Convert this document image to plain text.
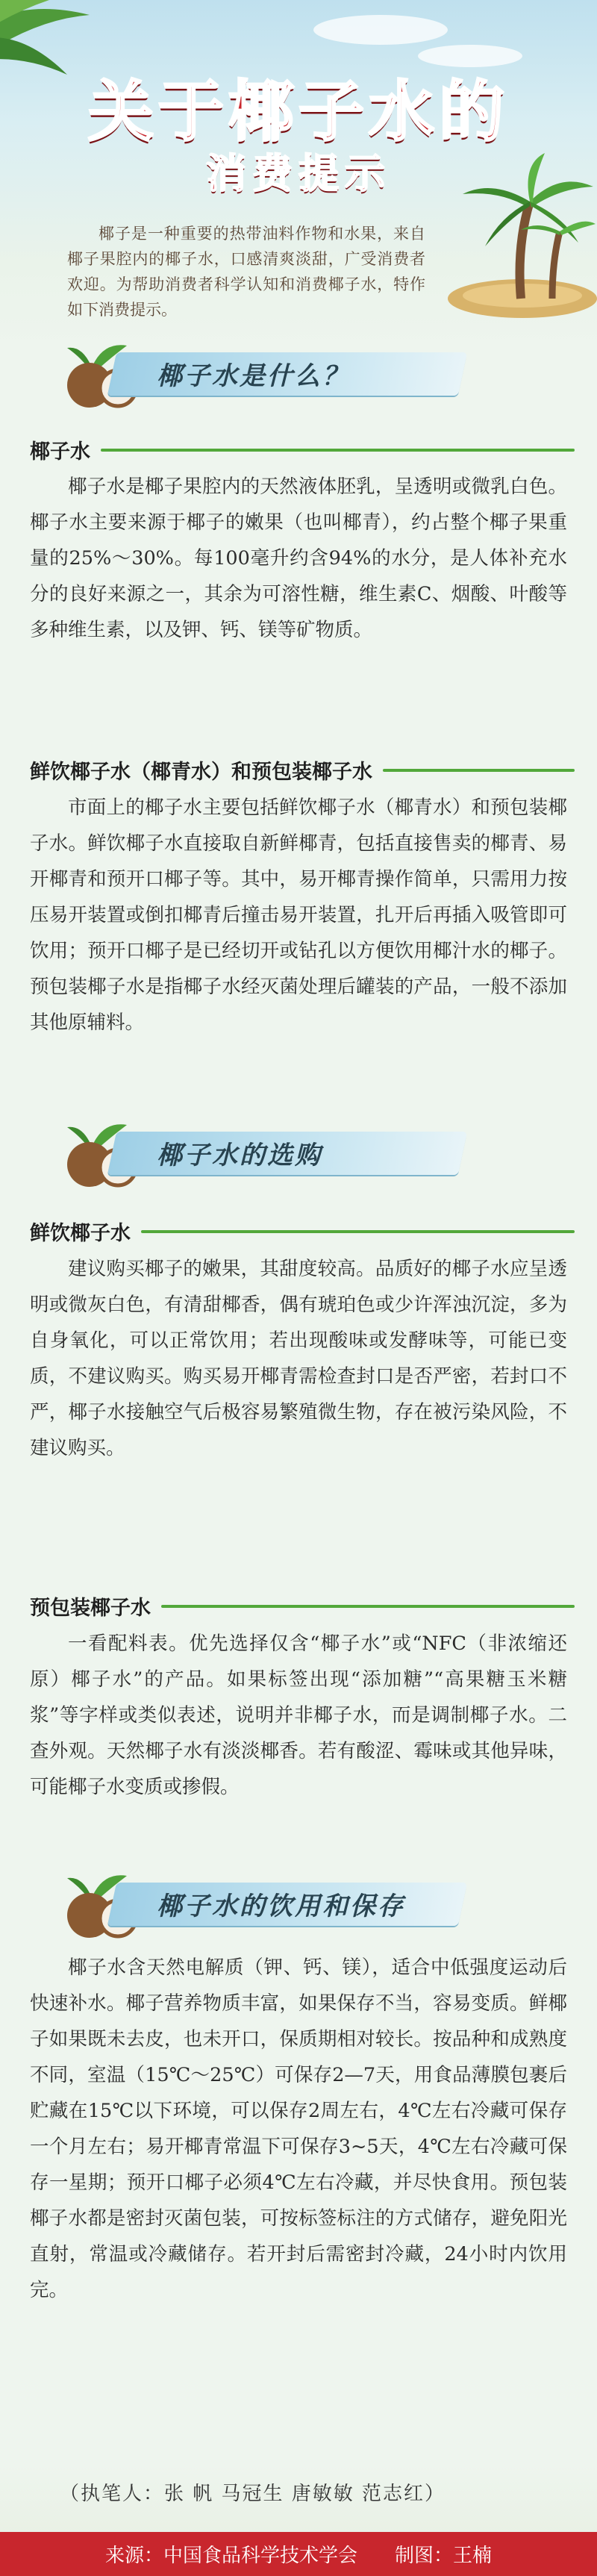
关于椰子水的
消费提示

椰子是一种重要的热带油料作物和水果，来自椰子果腔内的椰子水，口感清爽淡甜，广受消费者欢迎。为帮助消费者科学认知和消费椰子水，特作如下消费提示。

椰子水是什么？
椰子水

椰子水是椰子果腔内的天然液体胚乳，呈透明或微乳白色。椰子水主要来源于椰子的嫩果（也叫椰青），约占整个椰子果重量的25%～30%。每100毫升约含94%的水分，是人体补充水分的良好来源之一，其余为可溶性糖，维生素C、烟酸、叶酸等多种维生素，以及钾、钙、镁等矿物质。

鲜饮椰子水（椰青水）和预包装椰子水

市面上的椰子水主要包括鲜饮椰子水（椰青水）和预包装椰子水。鲜饮椰子水直接取自新鲜椰青，包括直接售卖的椰青、易开椰青和预开口椰子等。其中，易开椰青操作简单，只需用力按压易开装置或倒扣椰青后撞击易开装置，扎开后再插入吸管即可饮用；预开口椰子是已经切开或钻孔以方便饮用椰汁水的椰子。预包装椰子水是指椰子水经灭菌处理后罐装的产品，一般不添加其他原辅料。

椰子水的选购
鲜饮椰子水

建议购买椰子的嫩果，其甜度较高。品质好的椰子水应呈透明或微灰白色，有清甜椰香，偶有琥珀色或少许浑浊沉淀，多为自身氧化，可以正常饮用；若出现酸味或发酵味等，可能已变质，不建议购买。购买易开椰青需检查封口是否严密，若封口不严，椰子水接触空气后极容易繁殖微生物，存在被污染风险，不建议购买。

预包装椰子水

一看配料表。优先选择仅含“椰子水”或“NFC（非浓缩还原）椰子水”的产品。如果标签出现“添加糖”“高果糖玉米糖浆”等字样或类似表述，说明并非椰子水，而是调制椰子水。二查外观。天然椰子水有淡淡椰香。若有酸涩、霉味或其他异味，可能椰子水变质或掺假。

椰子水的饮用和保存

椰子水含天然电解质（钾、钙、镁），适合中低强度运动后快速补水。椰子营养物质丰富，如果保存不当，容易变质。鲜椰子如果既未去皮，也未开口，保质期相对较长。按品种和成熟度不同，室温（15℃～25℃）可保存2—7天，用食品薄膜包裹后贮藏在15℃以下环境，可以保存2周左右，4℃左右冷藏可保存一个月左右；易开椰青常温下可保存3~5天，4℃左右冷藏可保存一星期；预开口椰子必须4℃左右冷藏，并尽快食用。预包装椰子水都是密封灭菌包装，可按标签标注的方式储存，避免阳光直射，常温或冷藏储存。若开封后需密封冷藏，24小时内饮用完。

（执笔人：张 帆 马冠生 唐敏敏 范志红）
来源：中国食品科学技术学会 制图：王楠
